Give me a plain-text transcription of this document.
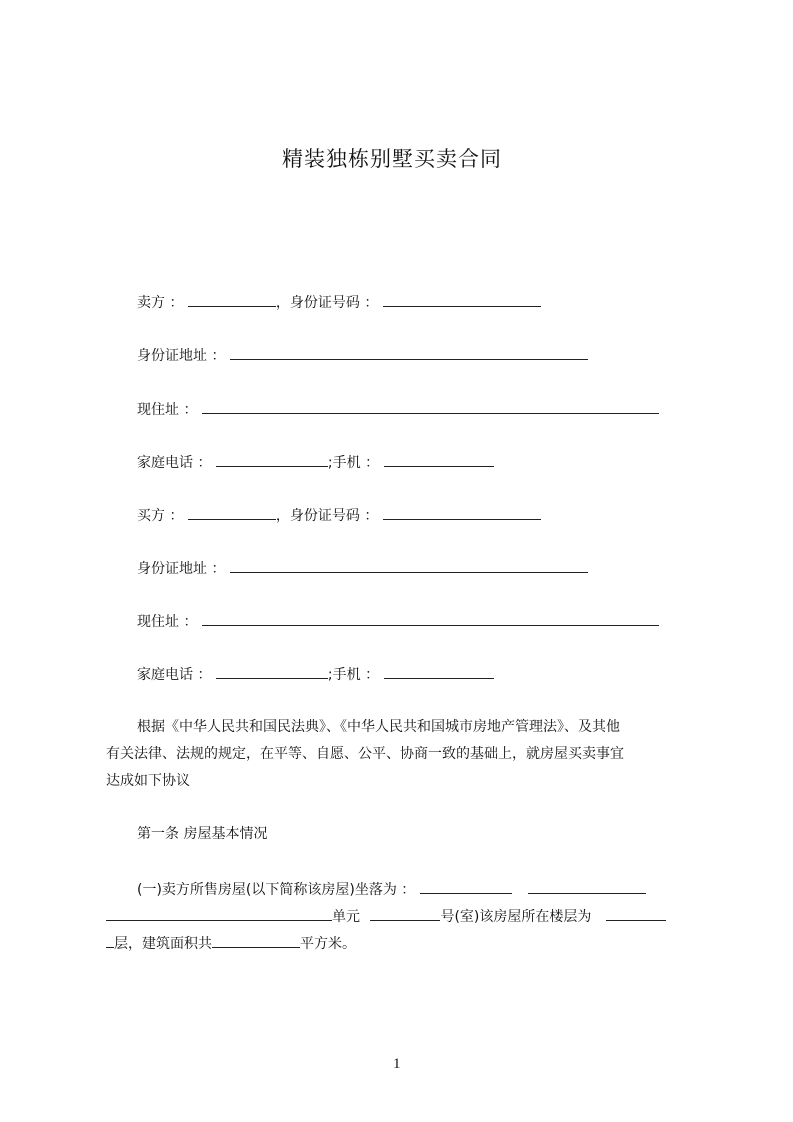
精装独栋别墅买卖合同
卖方 ：	，身份证号码 ：
身份证地址 ：
现住址 ：
家庭电话 ：	;手机 ：
买方 ：	，身份证号码 ：
身份证地址 ：
现住址 ：
家庭电话 ：	;手机 ：
根据《中华人民共和国民法典》、《中华人民共和国城市房地产管理法》、及其他
有关法律、法规的规定，在平等、自愿、公平、协商一致的基础上，就房屋买卖事宜
达成如下协议
第一条 房屋基本情况
(一)卖方所售房屋(以下简称该房屋)坐落为 ：
单元	号(室)该房屋所在楼层为
层，建筑面积共	平方米。
1
